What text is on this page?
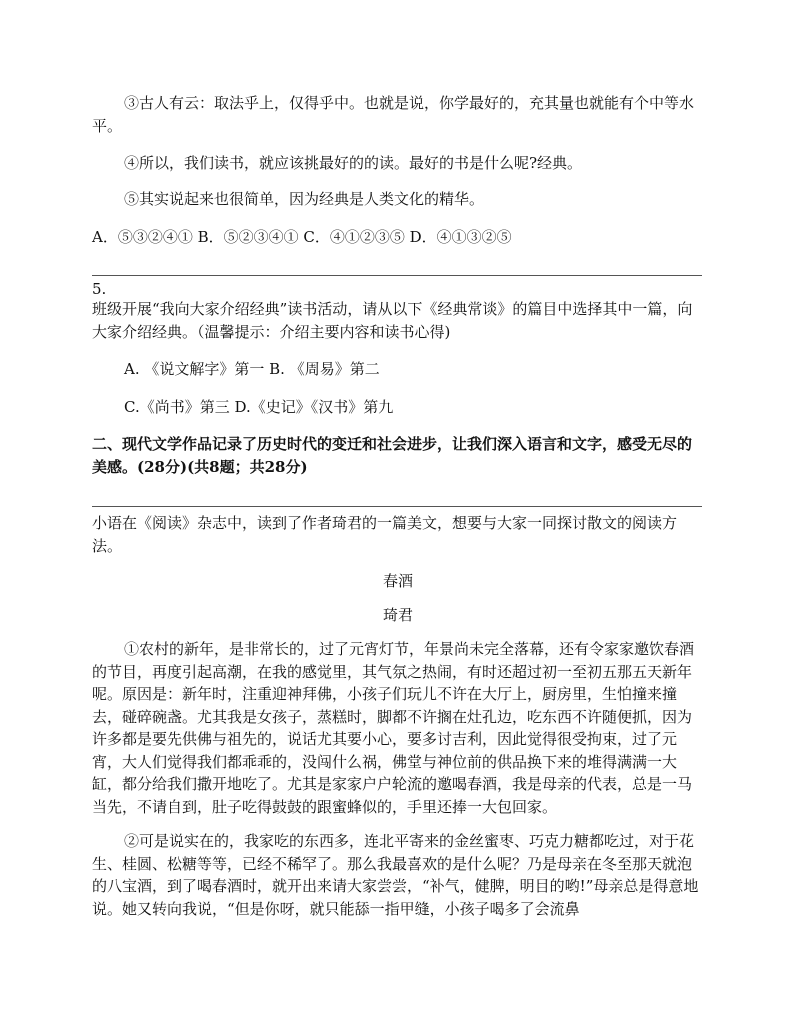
③古人有云：取法乎上，仅得乎中。也就是说，你学最好的，充其量也就能有个中等水平。

④所以，我们读书，就应该挑最好的的读。最好的书是什么呢?经典。

⑤其实说起来也很简单，因为经典是人类文化的精华。

A．⑤③②④① B．⑤②③④① C．④①②③⑤ D．④①③②⑤

5.

班级开展“我向大家介绍经典”读书活动，请从以下《经典常谈》的篇目中选择其中一篇，向大家介绍经典。（温馨提示：介绍主要内容和读书心得)

A. 《说文解字》第一 B. 《周易》第二
C.《尚书》第三 D.《史记》《汉书》第九

二、现代文学作品记录了历史时代的变迁和社会进步，让我们深入语言和文字，感受无尽的美感。(28分)(共8题；共28分)

小语在《阅读》杂志中，读到了作者琦君的一篇美文，想要与大家一同探讨散文的阅读方法。

春酒

琦君

①农村的新年，是非常长的，过了元宵灯节，年景尚未完全落幕，还有令家家邀饮春酒的节目，再度引起高潮，在我的感觉里，其气氛之热闹，有时还超过初一至初五那五天新年呢。原因是：新年时，注重迎神拜佛，小孩子们玩儿不许在大厅上，厨房里，生怕撞来撞去，碰碎碗盏。尤其我是女孩子，蒸糕时，脚都不许搁在灶孔边，吃东西不许随便抓，因为许多都是要先供佛与祖先的，说话尤其要小心，要多讨吉利，因此觉得很受拘束，过了元宵，大人们觉得我们都乖乖的，没闯什么祸，佛堂与神位前的供品换下来的堆得满满一大缸，都分给我们撒开地吃了。尤其是家家户户轮流的邀喝春酒，我是母亲的代表，总是一马当先，不请自到，肚子吃得鼓鼓的跟蜜蜂似的，手里还捧一大包回家。

②可是说实在的，我家吃的东西多，连北平寄来的金丝蜜枣、巧克力糖都吃过，对于花生、桂圆、松糖等等，已经不稀罕了。那么我最喜欢的是什么呢？乃是母亲在冬至那天就泡的八宝酒，到了喝春酒时，就开出来请大家尝尝，“补气，健脾，明目的哟!”母亲总是得意地说。她又转向我说，“但是你呀，就只能舔一指甲缝，小孩子喝多了会流鼻
